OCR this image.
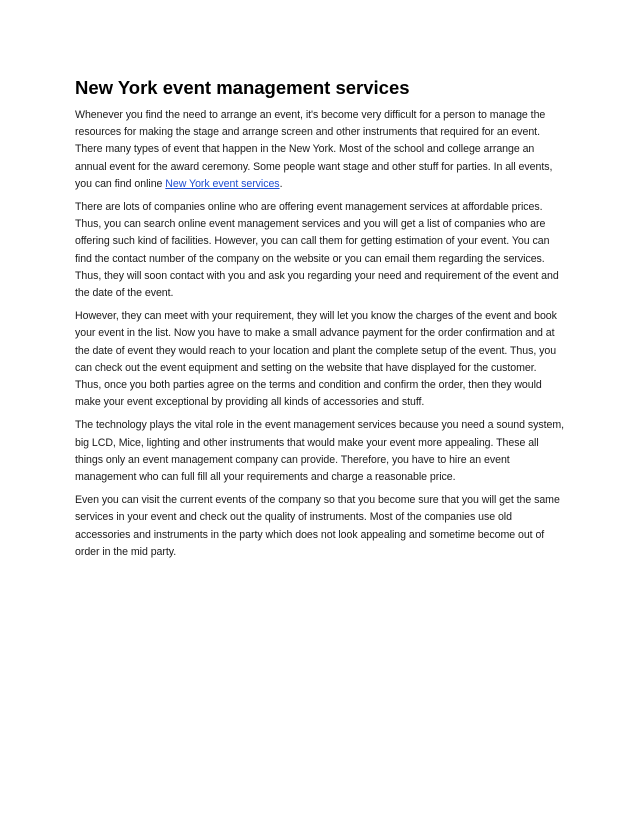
New York event management services

Whenever you find the need to arrange an event, it's become very difficult for a person to manage the resources for making the stage and arrange screen and other instruments that required for an event. There many types of event that happen in the New York. Most of the school and college arrange an annual event for the award ceremony. Some people want stage and other stuff for parties. In all events, you can find online New York event services.

There are lots of companies online who are offering event management services at affordable prices. Thus, you can search online event management services and you will get a list of companies who are offering such kind of facilities. However, you can call them for getting estimation of your event. You can find the contact number of the company on the website or you can email them regarding the services. Thus, they will soon contact with you and ask you regarding your need and requirement of the event and the date of the event.

However, they can meet with your requirement, they will let you know the charges of the event and book your event in the list. Now you have to make a small advance payment for the order confirmation and at the date of event they would reach to your location and plant the complete setup of the event. Thus, you can check out the event equipment and setting on the website that have displayed for the customer. Thus, once you both parties agree on the terms and condition and confirm the order, then they would make your event exceptional by providing all kinds of accessories and stuff.

The technology plays the vital role in the event management services because you need a sound system, big LCD, Mice, lighting and other instruments that would make your event more appealing. These all things only an event management company can provide. Therefore, you have to hire an event management who can full fill all your requirements and charge a reasonable price.

Even you can visit the current events of the company so that you become sure that you will get the same services in your event and check out the quality of instruments. Most of the companies use old accessories and instruments in the party which does not look appealing and sometime become out of order in the mid party.
